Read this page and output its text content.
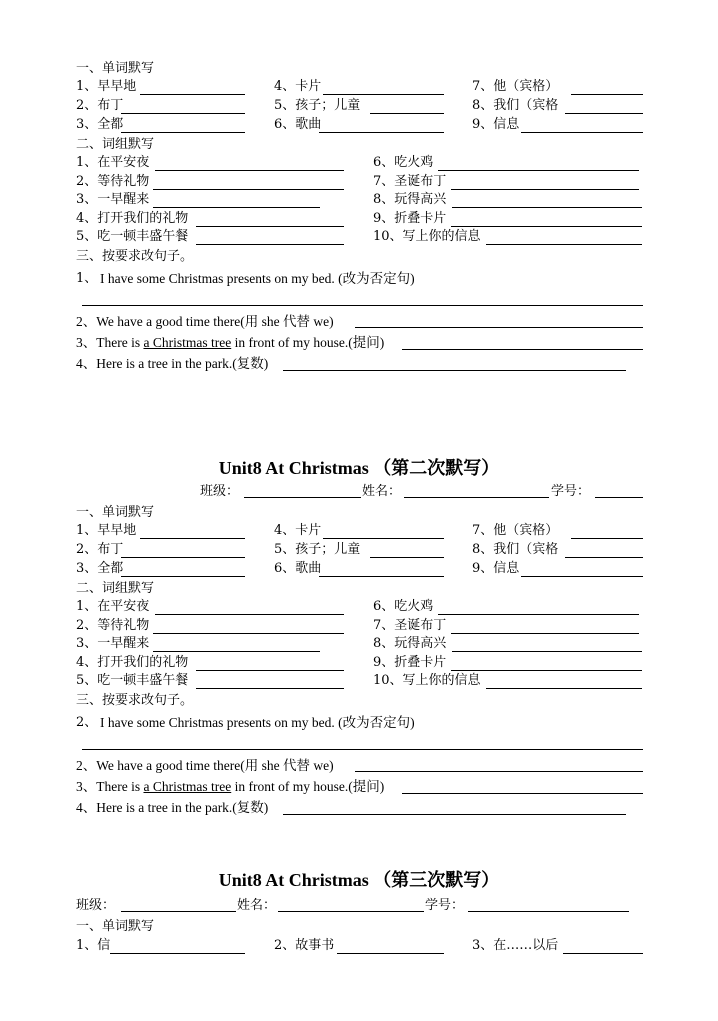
一、单词默写
1、早早地	4、卡片	7、他（宾格）
2、布丁	5、孩子；儿童	8、我们（宾格
3、全都	6、歌曲	9、信息
二、词组默写
1、在平安夜	6、吃火鸡
2、等待礼物	7、圣诞布丁
3、一早醒来	8、玩得高兴
4、打开我们的礼物	9、折叠卡片
5、吃一顿丰盛午餐	10、写上你的信息
三、按要求改句子。
1、 I have some Christmas presents on my bed. (改为否定句)
2、We have a good time there(用 she 代替 we)
3、There is a Christmas tree in front of my house.(提问)
4、Here is a tree in the park.(复数)
Unit8 At Christmas （第二次默写）
班级：	姓名：	学号：
一、单词默写
1、早早地	4、卡片	7、他（宾格）
2、布丁	5、孩子；儿童	8、我们（宾格
3、全都	6、歌曲	9、信息
二、词组默写
1、在平安夜	6、吃火鸡
2、等待礼物	7、圣诞布丁
3、一早醒来	8、玩得高兴
4、打开我们的礼物	9、折叠卡片
5、吃一顿丰盛午餐	10、写上你的信息
三、按要求改句子。
2、 I have some Christmas presents on my bed. (改为否定句)
2、We have a good time there(用 she 代替 we)
3、There is a Christmas tree in front of my house.(提问)
4、Here is a tree in the park.(复数)
Unit8 At Christmas （第三次默写）
班级：	姓名：	学号：
一、单词默写
1、信	2、故事书	3、在……以后
